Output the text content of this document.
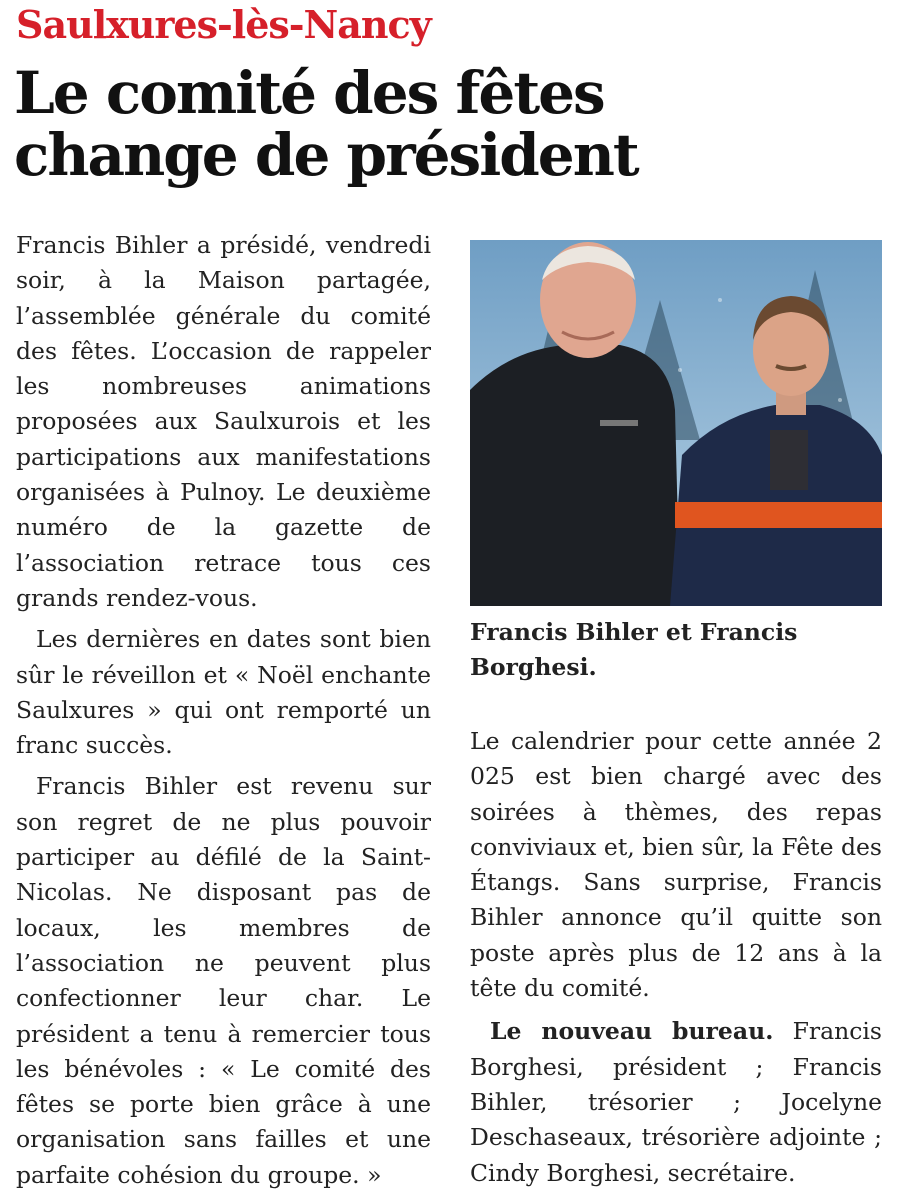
Saulxures-lès-Nancy
Le comité des fêtes
change de président

Francis Bihler a présidé, vendredi soir, à la Maison partagée, l’assemblée générale du comité des fêtes. L’occasion de rappeler les nombreuses animations proposées aux Saulxurois et les participations aux manifestations organisées à Pulnoy. Le deuxième numéro de la gazette de l’association retrace tous ces grands rendez-vous.

Les dernières en dates sont bien sûr le réveillon et « Noël enchante Saulxures » qui ont remporté un franc succès.

Francis Bihler est revenu sur son regret de ne plus pouvoir participer au défilé de la Saint-Nicolas. Ne disposant pas de locaux, les membres de l’association ne peuvent plus confectionner leur char. Le président a tenu à remercier tous les bénévoles : « Le comité des fêtes se porte bien grâce à une organisation sans failles et une parfaite cohésion du groupe. »

Francis Bihler et Francis Borghesi.

Le calendrier pour cette année 2 025 est bien chargé avec des soirées à thèmes, des repas conviviaux et, bien sûr, la Fête des Étangs. Sans surprise, Francis Bihler annonce qu’il quitte son poste après plus de 12 ans à la tête du comité.

Le nouveau bureau. Francis Borghesi, président ; Francis Bihler, trésorier ; Jocelyne Deschaseaux, trésorière adjointe ; Cindy Borghesi, secrétaire.
